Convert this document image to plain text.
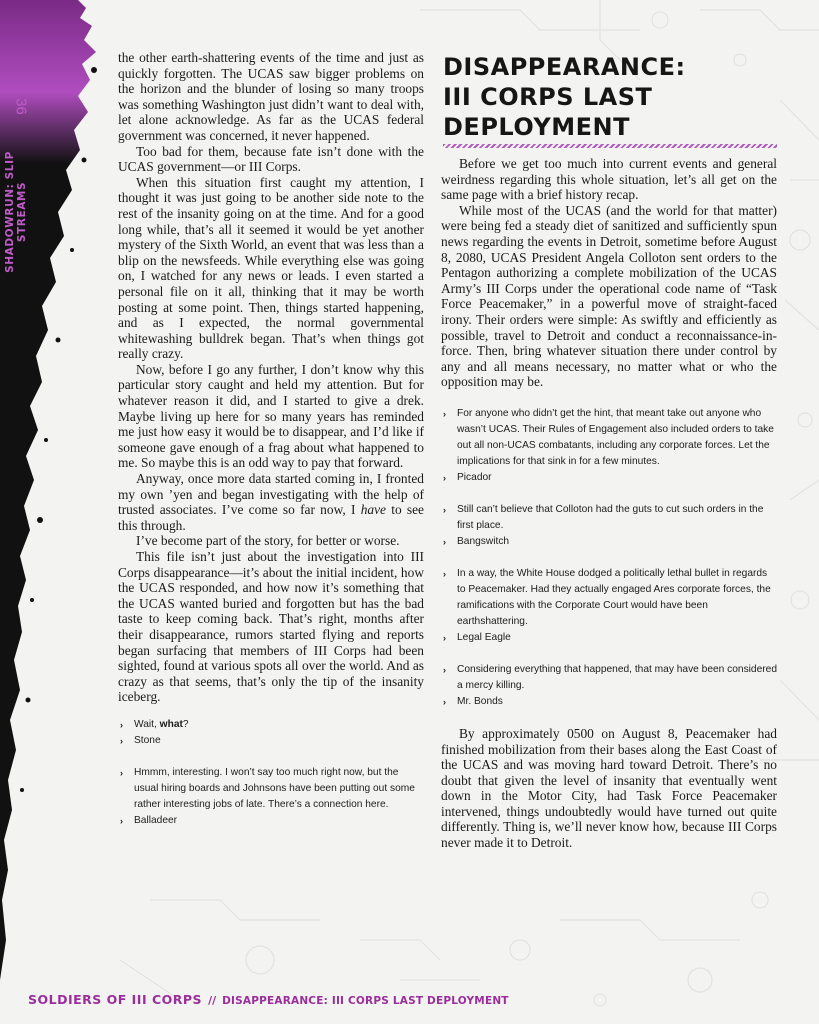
36
SHADOWRUN: SLIP STREAMS

the other earth-shattering events of the time and just as quickly forgotten. The UCAS saw bigger problems on the horizon and the blunder of losing so many troops was something Washington just didn’t want to deal with, let alone acknowledge. As far as the UCAS federal government was concerned, it never happened.

Too bad for them, because fate isn’t done with the UCAS government—or III Corps.

When this situation first caught my attention, I thought it was just going to be another side note to the rest of the insanity going on at the time. And for a good long while, that’s all it seemed it would be yet another mystery of the Sixth World, an event that was less than a blip on the newsfeeds. While everything else was going on, I watched for any news or leads. I even started a personal file on it all, thinking that it may be worth posting at some point. Then, things started happening, and as I expected, the normal governmental whitewashing bulldrek began. That’s when things got really crazy.

Now, before I go any further, I don’t know why this particular story caught and held my attention. But for whatever reason it did, and I started to give a drek. Maybe living up here for so many years has reminded me just how easy it would be to disappear, and I’d like if someone gave enough of a frag about what happened to me. So maybe this is an odd way to pay that forward.

Anyway, once more data started coming in, I fronted my own ’yen and began investigating with the help of trusted associates. I’ve come so far now, I have to see this through.

I’ve become part of the story, for better or worse.

This file isn’t just about the investigation into III Corps disappearance—it’s about the initial incident, how the UCAS responded, and how now it’s something that the UCAS wanted buried and forgotten but has the bad taste to keep coming back. That’s right, months after their disappearance, rumors started flying and reports began surfacing that members of III Corps had been sighted, found at various spots all over the world. And as crazy as that seems, that’s only the tip of the insanity iceberg.

›	Wait, what?
›	Stone
›	Hmmm, interesting. I won’t say too much right now, but the usual hiring boards and Johnsons have been putting out some rather interesting jobs of late. There’s a connection here.
›	Balladeer
DISAPPEARANCE:
III CORPS LAST
DEPLOYMENT

Before we get too much into current events and general weirdness regarding this whole situation, let’s all get on the same page with a brief history recap.

While most of the UCAS (and the world for that matter) were being fed a steady diet of sanitized and sufficiently spun news regarding the events in Detroit, sometime before August 8, 2080, UCAS President Angela Colloton sent orders to the Pentagon authorizing a complete mobilization of the UCAS Army’s III Corps under the operational code name of “Task Force Peacemaker,” in a powerful move of straight-faced irony. Their orders were simple: As swiftly and efficiently as possible, travel to Detroit and conduct a reconnaissance-in-force. Then, bring whatever situation there under control by any and all means necessary, no matter what or who the opposition may be.

›	For anyone who didn’t get the hint, that meant take out anyone who wasn’t UCAS. Their Rules of Engagement also included orders to take out all non-UCAS combatants, including any corporate forces. Let the implications for that sink in for a few minutes.
›	Picador
›	Still can’t believe that Colloton had the guts to cut such orders in the first place.
›	Bangswitch
›	In a way, the White House dodged a politically lethal bullet in regards to Peacemaker. Had they actually engaged Ares corporate forces, the ramifications with the Corporate Court would have been earthshattering.
›	Legal Eagle
›	Considering everything that happened, that may have been considered a mercy killing.
›	Mr. Bonds

By approximately 0500 on August 8, Peacemaker had finished mobilization from their bases along the East Coast of the UCAS and was moving hard toward Detroit. There’s no doubt that given the level of insanity that eventually went down in the Motor City, had Task Force Peacemaker intervened, things undoubtedly would have turned out quite differently. Thing is, we’ll never know how, because III Corps never made it to Detroit.

SOLDIERS OF III CORPS // DISAPPEARANCE: III CORPS LAST DEPLOYMENT
